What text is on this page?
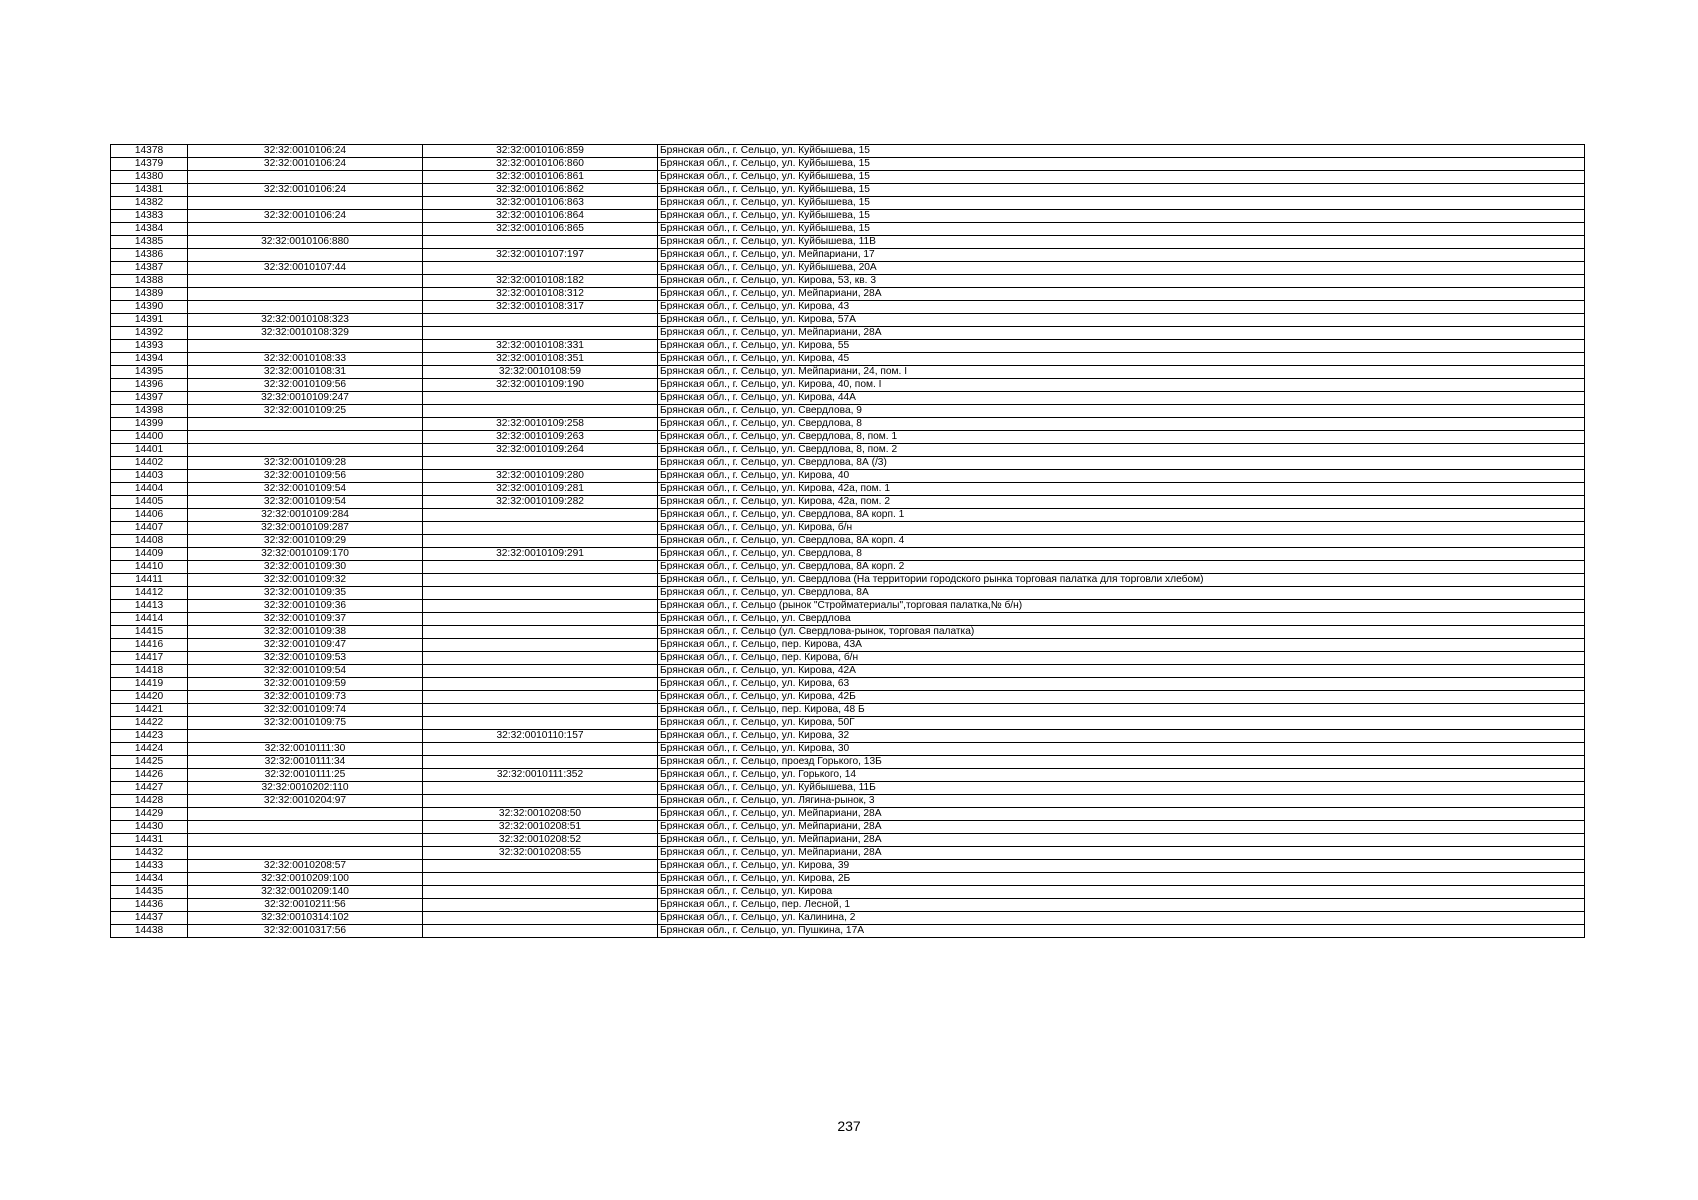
14378	32:32:0010106:24	32:32:0010106:859	Брянская обл., г. Сельцо, ул. Куйбышева, 15
14379	32:32:0010106:24	32:32:0010106:860	Брянская обл., г. Сельцо, ул. Куйбышева, 15
14380		32:32:0010106:861	Брянская обл., г. Сельцо, ул. Куйбышева, 15
14381	32:32:0010106:24	32:32:0010106:862	Брянская обл., г. Сельцо, ул. Куйбышева, 15
14382		32:32:0010106:863	Брянская обл., г. Сельцо, ул. Куйбышева, 15
14383	32:32:0010106:24	32:32:0010106:864	Брянская обл., г. Сельцо, ул. Куйбышева, 15
14384		32:32:0010106:865	Брянская обл., г. Сельцо, ул. Куйбышева, 15
14385	32:32:0010106:880		Брянская обл., г. Сельцо, ул. Куйбышева, 11В
14386		32:32:0010107:197	Брянская обл., г. Сельцо, ул. Мейпариани, 17
14387	32:32:0010107:44		Брянская обл., г. Сельцо, ул. Куйбышева, 20А
14388		32:32:0010108:182	Брянская обл., г. Сельцо, ул. Кирова, 53, кв. 3
14389		32:32:0010108:312	Брянская обл., г. Сельцо, ул. Мейпариани, 28А
14390		32:32:0010108:317	Брянская обл., г. Сельцо, ул. Кирова, 43
14391	32:32:0010108:323		Брянская обл., г. Сельцо, ул. Кирова, 57А
14392	32:32:0010108:329		Брянская обл., г. Сельцо, ул. Мейпариани, 28А
14393		32:32:0010108:331	Брянская обл., г. Сельцо, ул. Кирова, 55
14394	32:32:0010108:33	32:32:0010108:351	Брянская обл., г. Сельцо, ул. Кирова, 45
14395	32:32:0010108:31	32:32:0010108:59	Брянская обл., г. Сельцо, ул. Мейпариани, 24, пом. I
14396	32:32:0010109:56	32:32:0010109:190	Брянская обл., г. Сельцо, ул. Кирова, 40, пом. I
14397	32:32:0010109:247		Брянская обл., г. Сельцо, ул. Кирова, 44А
14398	32:32:0010109:25		Брянская обл., г. Сельцо, ул. Свердлова, 9
14399		32:32:0010109:258	Брянская обл., г. Сельцо, ул. Свердлова, 8
14400		32:32:0010109:263	Брянская обл., г. Сельцо, ул. Свердлова, 8, пом. 1
14401		32:32:0010109:264	Брянская обл., г. Сельцо, ул. Свердлова, 8, пом. 2
14402	32:32:0010109:28		Брянская обл., г. Сельцо, ул. Свердлова, 8А (/3)
14403	32:32:0010109:56	32:32:0010109:280	Брянская обл., г. Сельцо, ул. Кирова, 40
14404	32:32:0010109:54	32:32:0010109:281	Брянская обл., г. Сельцо, ул. Кирова, 42а, пом. 1
14405	32:32:0010109:54	32:32:0010109:282	Брянская обл., г. Сельцо, ул. Кирова, 42а, пом. 2
14406	32:32:0010109:284		Брянская обл., г. Сельцо, ул. Свердлова, 8А корп. 1
14407	32:32:0010109:287		Брянская обл., г. Сельцо, ул. Кирова, б/н
14408	32:32:0010109:29		Брянская обл., г. Сельцо, ул. Свердлова, 8А корп. 4
14409	32:32:0010109:170	32:32:0010109:291	Брянская обл., г. Сельцо, ул. Свердлова, 8
14410	32:32:0010109:30		Брянская обл., г. Сельцо, ул. Свердлова, 8А корп. 2
14411	32:32:0010109:32		Брянская обл., г. Сельцо, ул. Свердлова (На территории городского рынка торговая палатка для торговли хлебом)
14412	32:32:0010109:35		Брянская обл., г. Сельцо, ул. Свердлова, 8А
14413	32:32:0010109:36		Брянская обл., г. Сельцо (рынок "Стройматериалы",торговая палатка,№ б/н)
14414	32:32:0010109:37		Брянская обл., г. Сельцо, ул. Свердлова
14415	32:32:0010109:38		Брянская обл., г. Сельцо (ул. Свердлова-рынок, торговая палатка)
14416	32:32:0010109:47		Брянская обл., г. Сельцо, пер. Кирова, 43А
14417	32:32:0010109:53		Брянская обл., г. Сельцо, пер. Кирова, б/н
14418	32:32:0010109:54		Брянская обл., г. Сельцо, ул. Кирова, 42А
14419	32:32:0010109:59		Брянская обл., г. Сельцо, ул. Кирова, 63
14420	32:32:0010109:73		Брянская обл., г. Сельцо, ул. Кирова, 42Б
14421	32:32:0010109:74		Брянская обл., г. Сельцо, пер. Кирова, 48 Б
14422	32:32:0010109:75		Брянская обл., г. Сельцо, ул. Кирова, 50Г
14423		32:32:0010110:157	Брянская обл., г. Сельцо, ул. Кирова, 32
14424	32:32:0010111:30		Брянская обл., г. Сельцо, ул. Кирова, 30
14425	32:32:0010111:34		Брянская обл., г. Сельцо, проезд Горького, 13Б
14426	32:32:0010111:25	32:32:0010111:352	Брянская обл., г. Сельцо, ул. Горького, 14
14427	32:32:0010202:110		Брянская обл., г. Сельцо, ул. Куйбышева, 11Б
14428	32:32:0010204:97		Брянская обл., г. Сельцо, ул. Лягина-рынок, 3
14429		32:32:0010208:50	Брянская обл., г. Сельцо, ул. Мейпариани, 28А
14430		32:32:0010208:51	Брянская обл., г. Сельцо, ул. Мейпариани, 28А
14431		32:32:0010208:52	Брянская обл., г. Сельцо, ул. Мейпариани, 28А
14432		32:32:0010208:55	Брянская обл., г. Сельцо, ул. Мейпариани, 28А
14433	32:32:0010208:57		Брянская обл., г. Сельцо, ул. Кирова, 39
14434	32:32:0010209:100		Брянская обл., г. Сельцо, ул. Кирова, 2Б
14435	32:32:0010209:140		Брянская обл., г. Сельцо, ул. Кирова
14436	32:32:0010211:56		Брянская обл., г. Сельцо, пер. Лесной, 1
14437	32:32:0010314:102		Брянская обл., г. Сельцо, ул. Калинина, 2
14438	32:32:0010317:56		Брянская обл., г. Сельцо, ул. Пушкина, 17А
237
